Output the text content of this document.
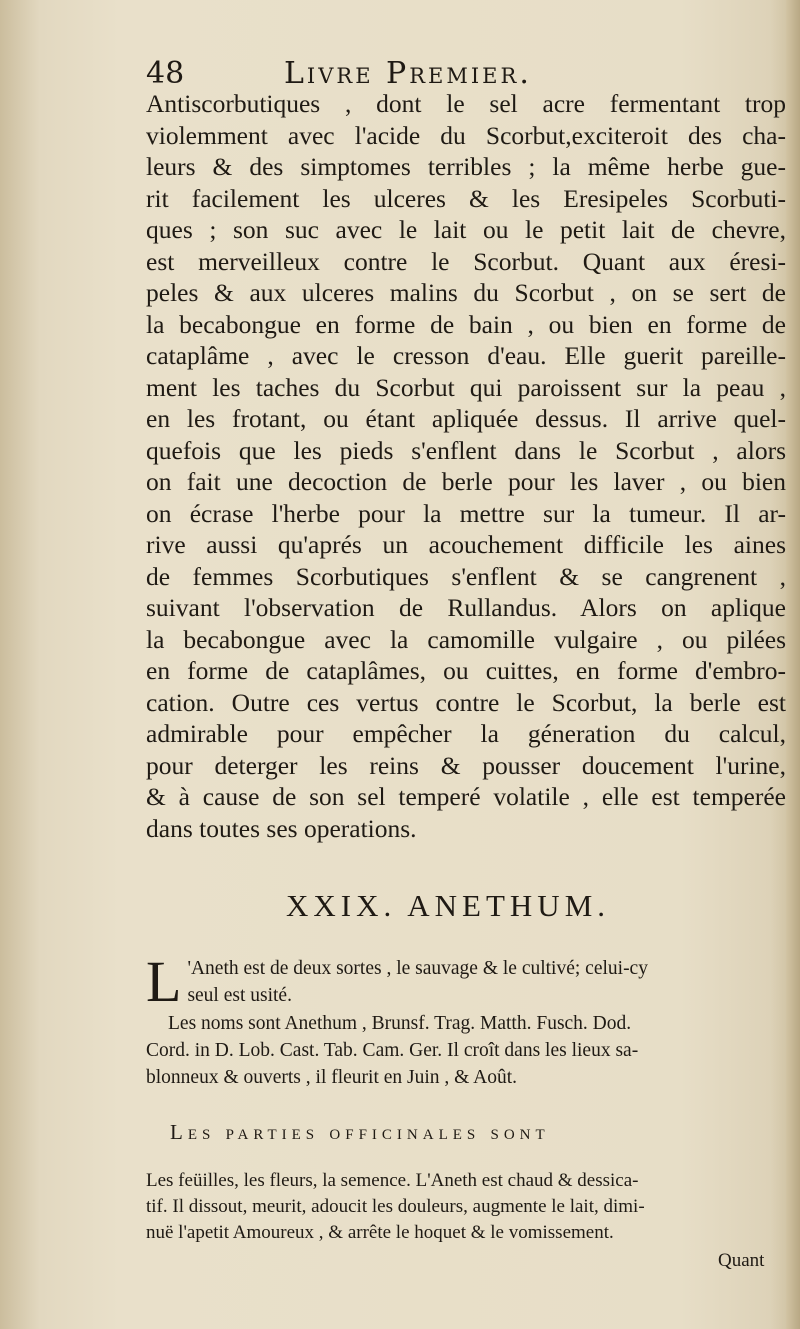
48	Livre Premier.
Antiscorbutiques , dont le sel acre fermentant trop
violemment avec l'acide du Scorbut,exciteroit des cha-
leurs & des simptomes terribles ; la même herbe gue-
rit facilement les ulceres & les Eresipeles Scorbuti-
ques ; son suc avec le lait ou le petit lait de chevre,
est merveilleux contre le Scorbut. Quant aux éresi-
peles & aux ulceres malins du Scorbut , on se sert de
la becabongue en forme de bain , ou bien en forme de
cataplâme , avec le cresson d'eau. Elle guerit pareille-
ment les taches du Scorbut qui paroissent sur la peau ,
en les frotant, ou étant apliquée dessus. Il arrive quel-
quefois que les pieds s'enflent dans le Scorbut , alors
on fait une decoction de berle pour les laver , ou bien
on écrase l'herbe pour la mettre sur la tumeur. Il ar-
rive aussi qu'aprés un acouchement difficile les aines
de femmes Scorbutiques s'enflent & se cangrenent ,
suivant l'observation de Rullandus. Alors on aplique
la becabongue avec la camomille vulgaire , ou pilées
en forme de cataplâmes, ou cuittes, en forme d'embro-
cation. Outre ces vertus contre le Scorbut, la berle est
admirable pour empêcher la géneration du calcul,
pour deterger les reins & pousser doucement l'urine,
& à cause de son sel temperé volatile , elle est temperée
dans toutes ses operations.
XXIX. ANETHUM.
L 'Aneth est de deux sortes , le sauvage & le cultivé; celui-cy
seul est usité.
Les noms sont Anethum , Brunsf. Trag. Matth. Fusch. Dod.
Cord. in D. Lob. Cast. Tab. Cam. Ger. Il croît dans les lieux sa-
blonneux & ouverts , il fleurit en Juin , & Août.
Les parties officinales sont
Les feüilles, les fleurs, la semence. L'Aneth est chaud & dessica-
tif. Il dissout, meurit, adoucit les douleurs, augmente le lait, dimi-
nuë l'apetit Amoureux , & arrête le hoquet & le vomissement.
Quant
